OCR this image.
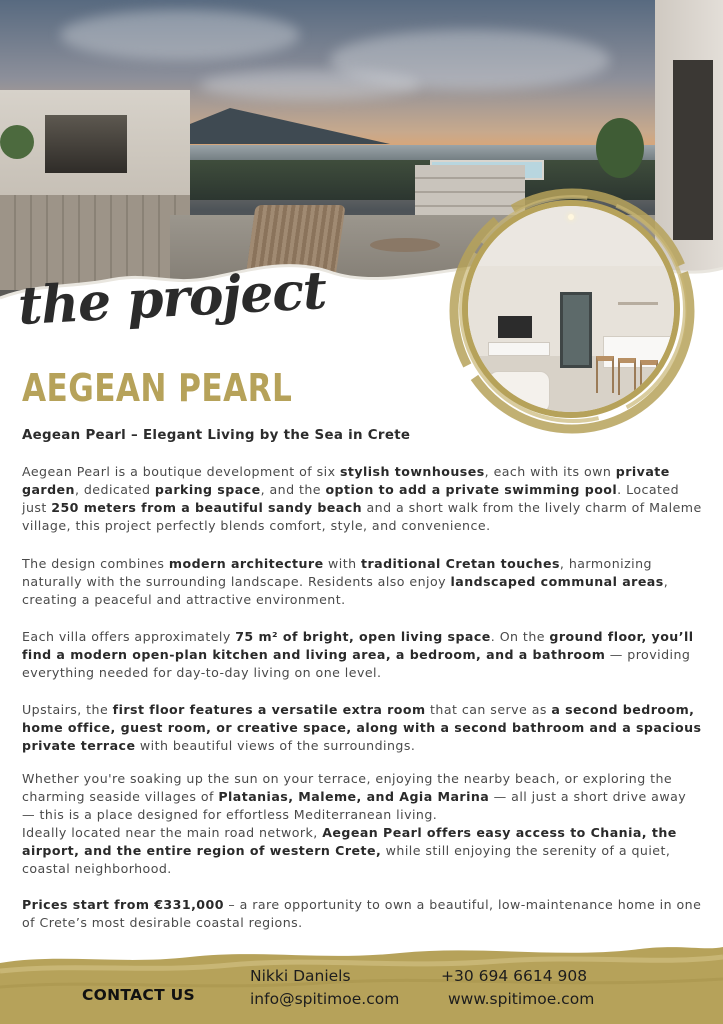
the project
AEGEAN PEARL

Aegean Pearl – Elegant Living by the Sea in Crete

Aegean Pearl is a boutique development of six stylish townhouses, each with its own private garden, dedicated parking space, and the option to add a private swimming pool. Located just 250 meters from a beautiful sandy beach and a short walk from the lively charm of Maleme village, this project perfectly blends comfort, style, and convenience.

The design combines modern architecture with traditional Cretan touches, harmonizing naturally with the surrounding landscape. Residents also enjoy landscaped communal areas, creating a peaceful and attractive environment.

Each villa offers approximately 75 m² of bright, open living space. On the ground floor, you’ll find a modern open-plan kitchen and living area, a bedroom, and a bathroom — providing everything needed for day-to-day living on one level.

Upstairs, the first floor features a versatile extra room that can serve as a second bedroom, home office, guest room, or creative space, along with a second bathroom and a spacious private terrace with beautiful views of the surroundings.

Whether you're soaking up the sun on your terrace, enjoying the nearby beach, or exploring the charming seaside villages of Platanias, Maleme, and Agia Marina — all just a short drive away — this is a place designed for effortless Mediterranean living.

Ideally located near the main road network, Aegean Pearl offers easy access to Chania, the airport, and the entire region of western Crete, while still enjoying the serenity of a quiet, coastal neighborhood.

Prices start from €331,000 – a rare opportunity to own a beautiful, low-maintenance home in one of Crete’s most desirable coastal regions.

CONTACT US

Nikki Daniels

info@spitimoe.com

+30 694 6614 908

www.spitimoe.com
